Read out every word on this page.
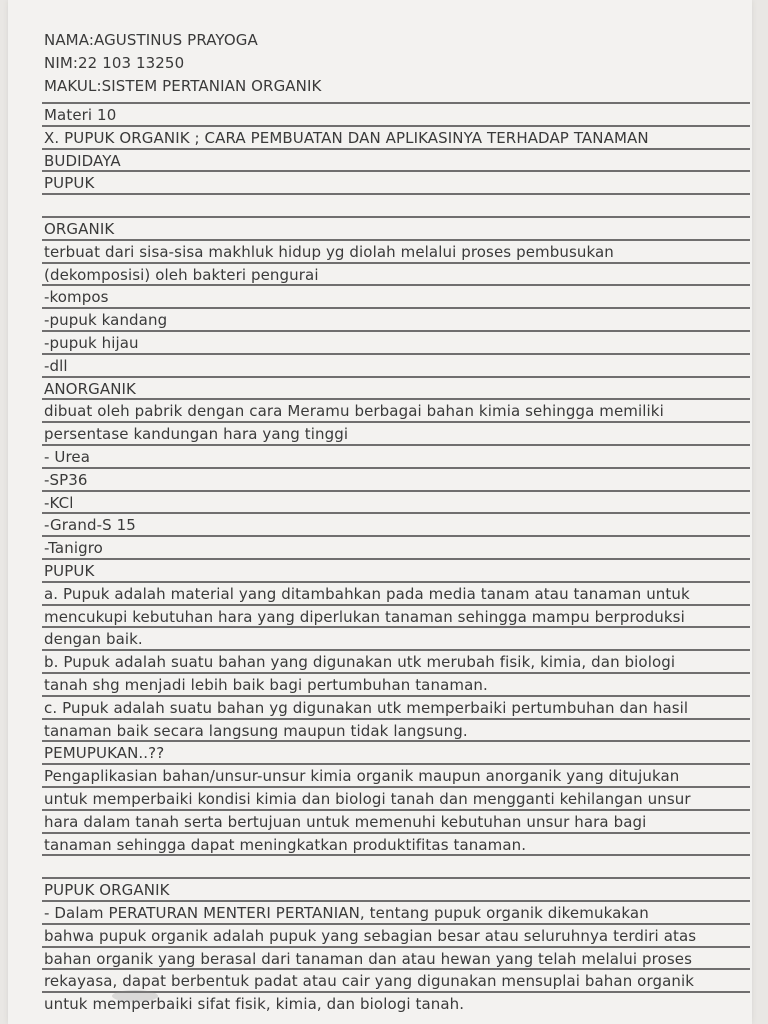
NAMA:AGUSTINUS PRAYOGA
NIM:22 103 13250
MAKUL:SISTEM PERTANIAN ORGANIK
Materi 10
X. PUPUK ORGANIK ; CARA PEMBUATAN DAN APLIKASINYA TERHADAP TANAMAN
BUDIDAYA
PUPUK
ORGANIK
terbuat dari sisa-sisa makhluk hidup yg diolah melalui proses pembusukan
(dekomposisi) oleh bakteri pengurai
-kompos
-pupuk kandang
-pupuk hijau
-dll
ANORGANIK
dibuat oleh pabrik dengan cara Meramu berbagai bahan kimia sehingga memiliki
persentase kandungan hara yang tinggi
- Urea
-SP36
-KCl
-Grand-S 15
-Tanigro
PUPUK
a. Pupuk adalah material yang ditambahkan pada media tanam atau tanaman untuk
mencukupi kebutuhan hara yang diperlukan tanaman sehingga mampu berproduksi
dengan baik.
b. Pupuk adalah suatu bahan yang digunakan utk merubah fisik, kimia, dan biologi
tanah shg menjadi lebih baik bagi pertumbuhan tanaman.
c. Pupuk adalah suatu bahan yg digunakan utk memperbaiki pertumbuhan dan hasil
tanaman baik secara langsung maupun tidak langsung.
PEMUPUKAN..??
Pengaplikasian bahan/unsur-unsur kimia organik maupun anorganik yang ditujukan
untuk memperbaiki kondisi kimia dan biologi tanah dan mengganti kehilangan unsur
hara dalam tanah serta bertujuan untuk memenuhi kebutuhan unsur hara bagi
tanaman sehingga dapat meningkatkan produktifitas tanaman.
PUPUK ORGANIK
- Dalam PERATURAN MENTERI PERTANIAN, tentang pupuk organik dikemukakan
bahwa pupuk organik adalah pupuk yang sebagian besar atau seluruhnya terdiri atas
bahan organik yang berasal dari tanaman dan atau hewan yang telah melalui proses
rekayasa, dapat berbentuk padat atau cair yang digunakan mensuplai bahan organik
untuk memperbaiki sifat fisik, kimia, dan biologi tanah.
